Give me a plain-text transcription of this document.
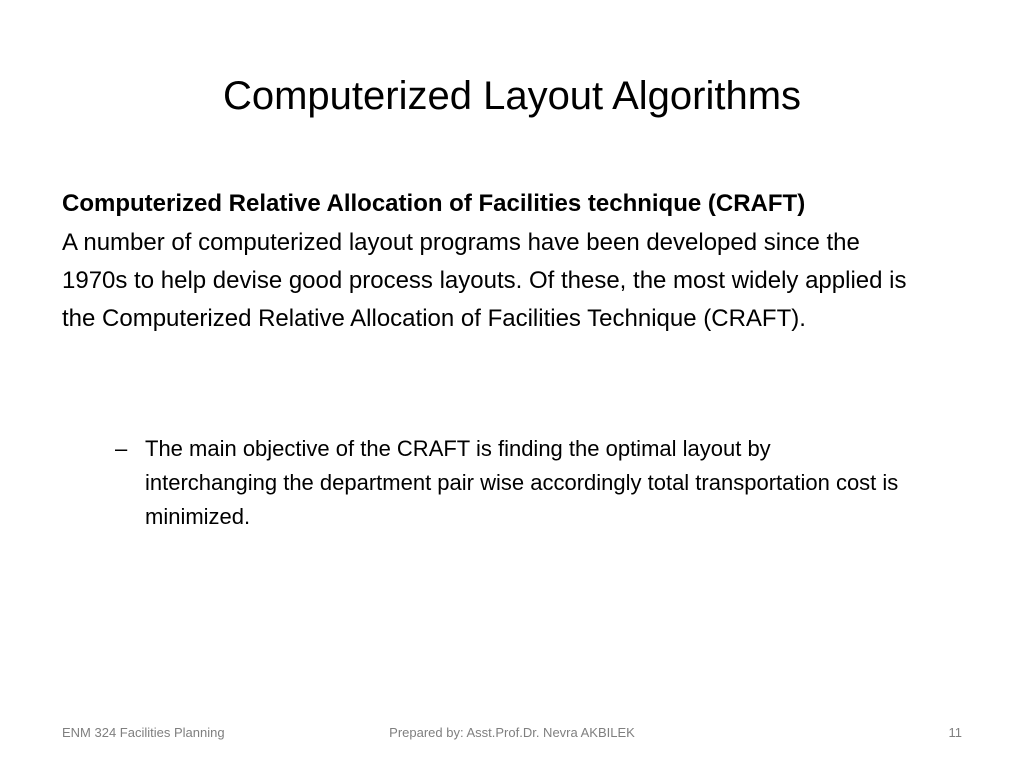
Computerized Layout Algorithms

Computerized Relative Allocation of Facilities technique (CRAFT)

A number of computerized layout programs have been developed since the 1970s to help devise good process layouts. Of these, the most widely applied is the Computerized Relative Allocation of Facilities Technique (CRAFT).

– The main objective of the CRAFT is finding the optimal layout by interchanging the department pair wise accordingly total transportation cost is minimized.
ENM 324 Facilities Planning	Prepared by: Asst.Prof.Dr. Nevra AKBILEK	11
